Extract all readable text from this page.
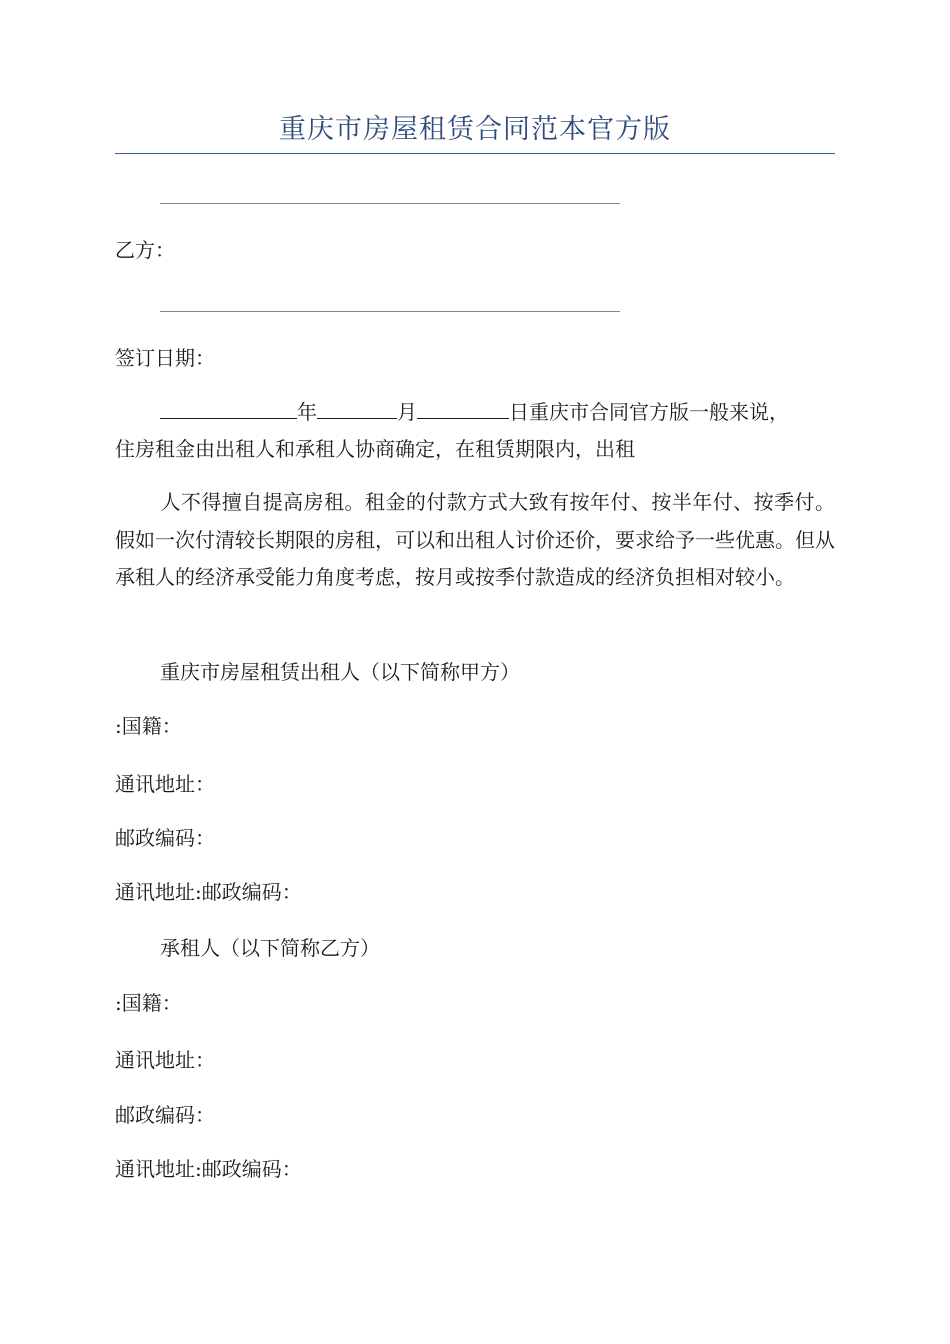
重庆市房屋租赁合同范本官方版
乙方：
签订日期：
年	月	日重庆市合同官方版一般来说，
住房租金由出租人和承租人协商确定，在租赁期限内，出租
人不得擅自提高房租。租金的付款方式大致有按年付、按半年付、按季付。假如一次付清较长期限的房租，可以和出租人讨价还价，要求给予一些优惠。但从承租人的经济承受能力角度考虑，按月或按季付款造成的经济负担相对较小。
重庆市房屋租赁出租人（以下简称甲方）
:国籍：
通讯地址：
邮政编码：
通讯地址:邮政编码：
承租人（以下简称乙方）
:国籍：
通讯地址：
邮政编码：
通讯地址:邮政编码：
